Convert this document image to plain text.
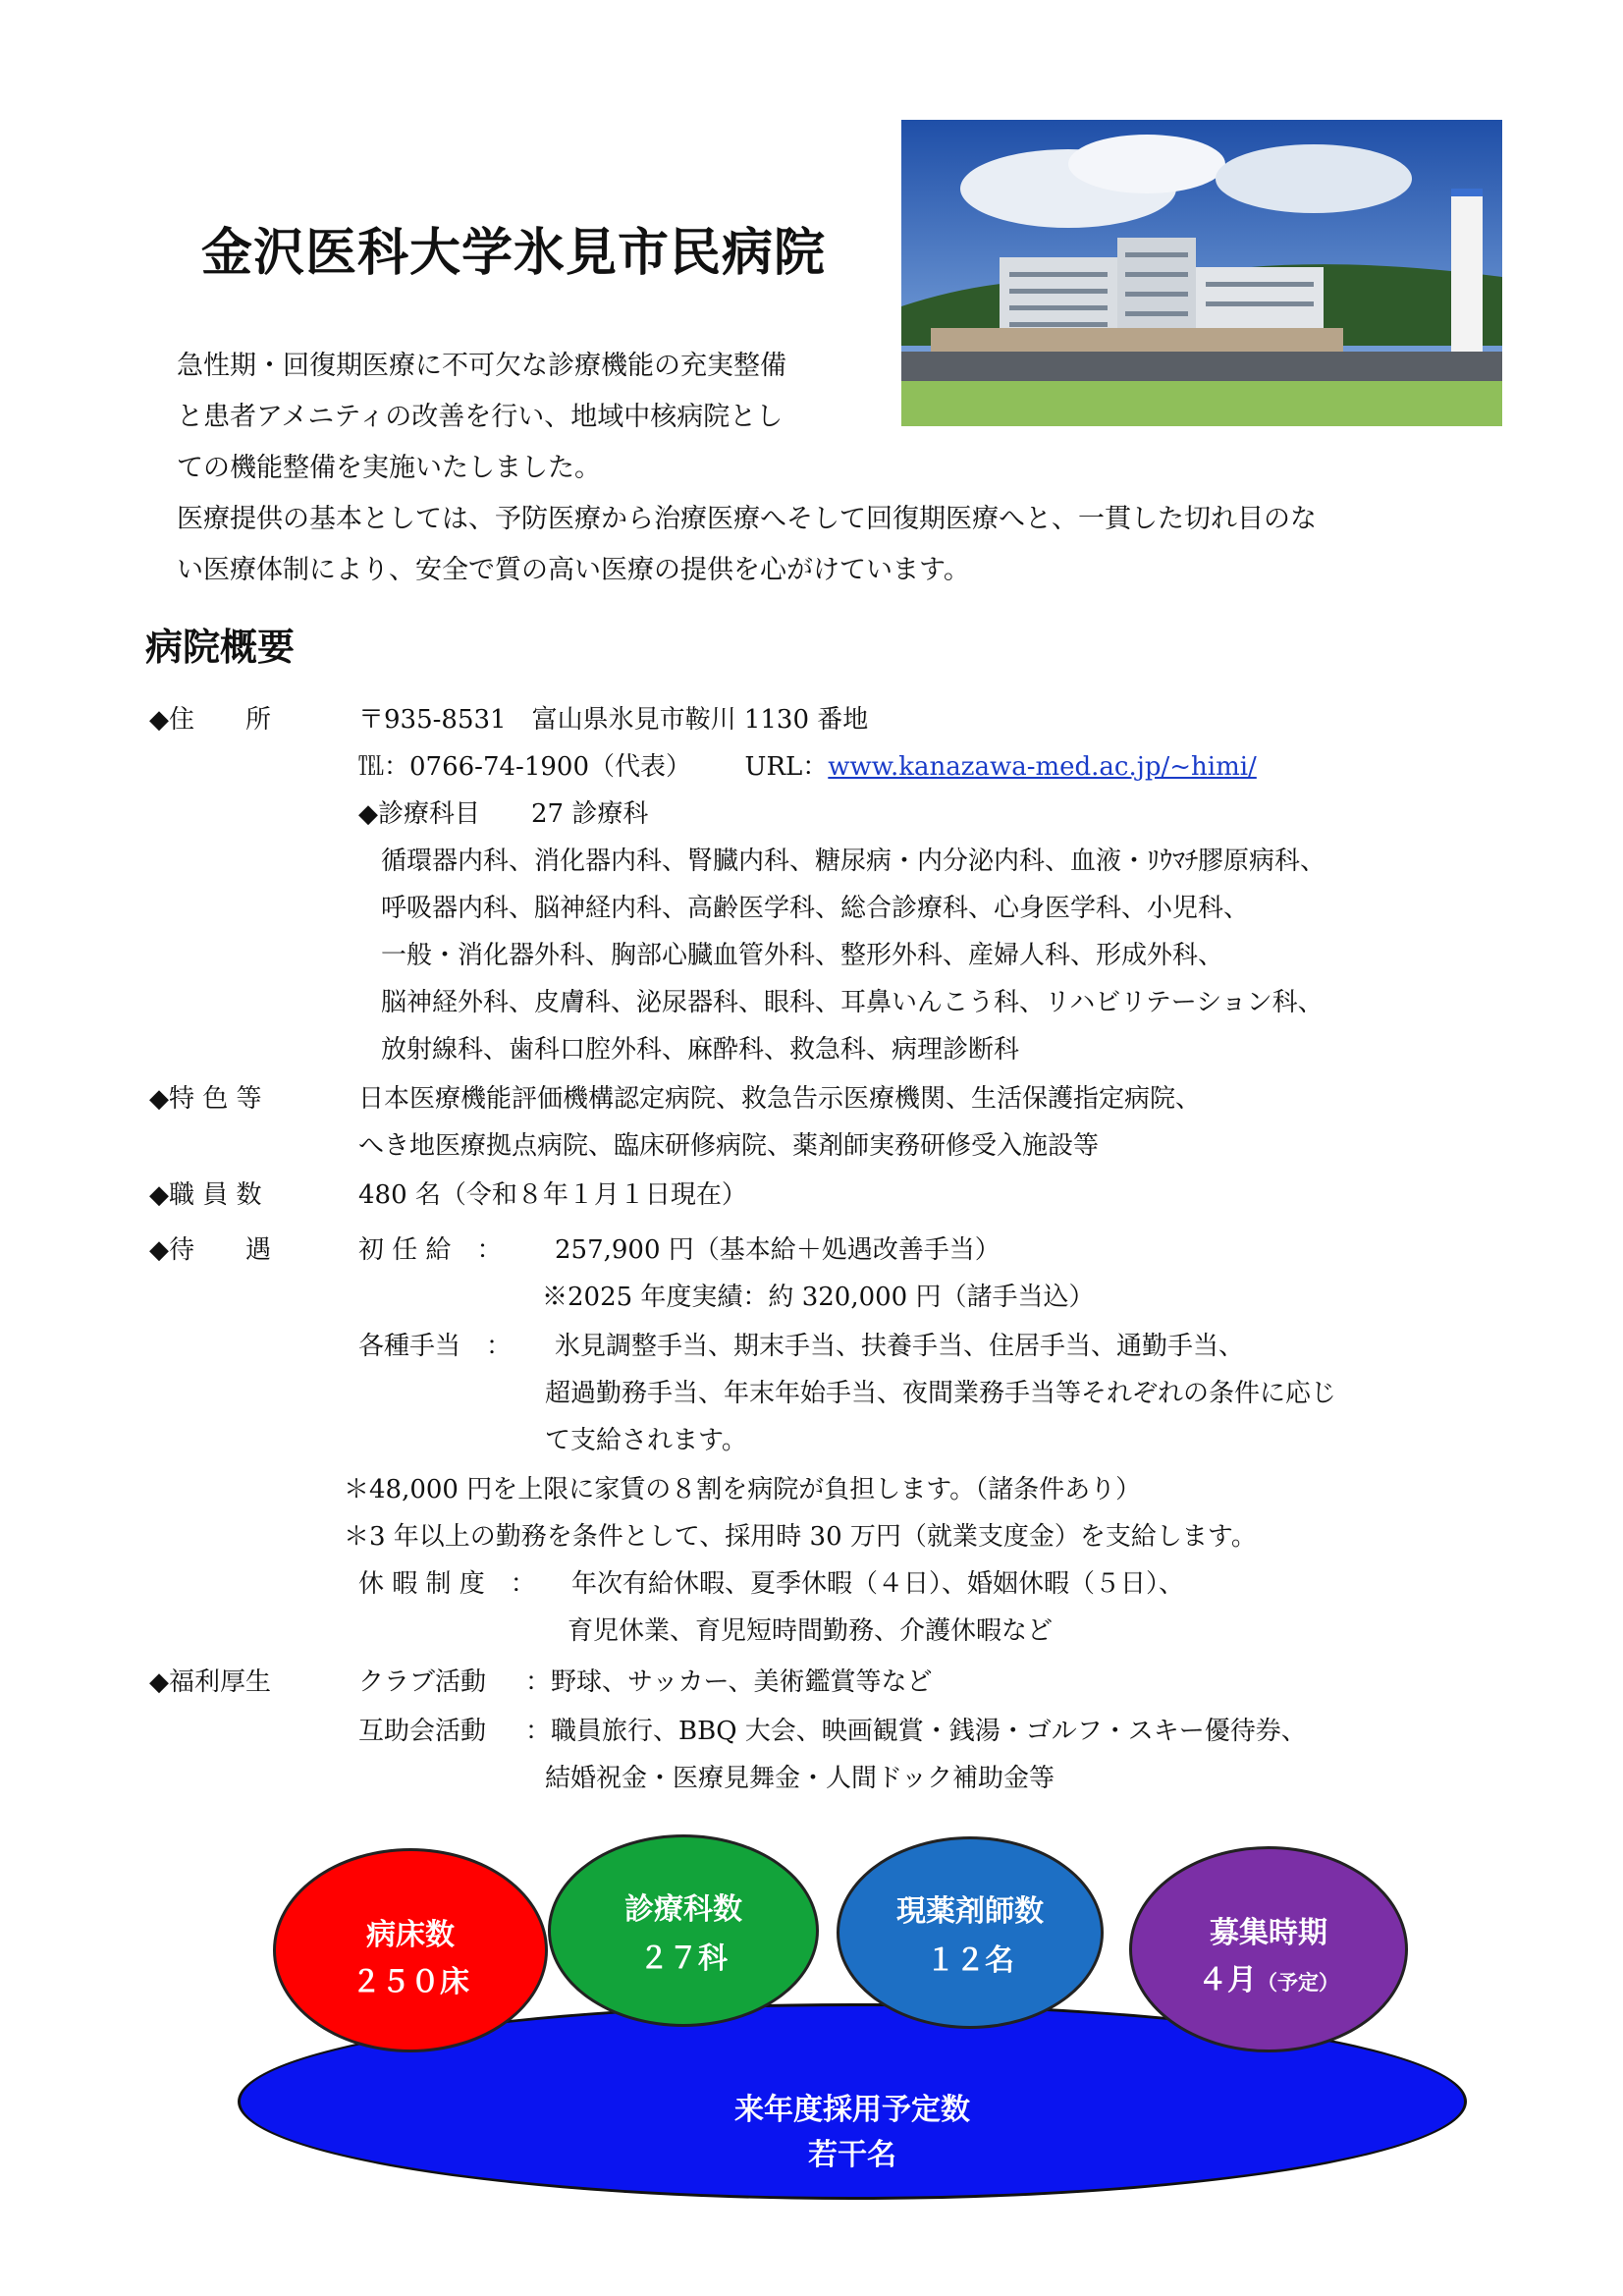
金沢医科大学氷見市民病院
急性期・回復期医療に不可欠な診療機能の充実整備
と患者アメニティの改善を行い、地域中核病院とし
ての機能整備を実施いたしました。
医療提供の基本としては、予防医療から治療医療へそして回復期医療へと、一貫した切れ目のな
い医療体制により、安全で質の高い医療の提供を心がけています。
病院概要
◆住　　所	〒935-8531　富山県氷見市鞍川 1130 番地
℡：0766-74-1900（代表） URL：www.kanazawa-med.ac.jp/~himi/
◆診療科目　　27 診療科
循環器内科、消化器内科、腎臓内科、糖尿病・内分泌内科、血液・ﾘｳﾏﾁ膠原病科、
呼吸器内科、脳神経内科、高齢医学科、総合診療科、心身医学科、小児科、
一般・消化器外科、胸部心臓血管外科、整形外科、産婦人科、形成外科、
脳神経外科、皮膚科、泌尿器科、眼科、耳鼻いんこう科、リハビリテーション科、
放射線科、歯科口腔外科、麻酔科、救急科、病理診断科
◆特 色 等	日本医療機能評価機構認定病院、救急告示医療機関、生活保護指定病院、
へき地医療拠点病院、臨床研修病院、薬剤師実務研修受入施設等
◆職 員 数	480 名（令和８年１月１日現在）
◆待　　遇	初 任 給　： 257,900 円（基本給＋処遇改善手当）
※2025 年度実績：約 320,000 円（諸手当込）
各種手当　： 氷見調整手当、期末手当、扶養手当、住居手当、通勤手当、
超過勤務手当、年末年始手当、夜間業務手当等それぞれの条件に応じ
て支給されます。
＊48,000 円を上限に家賃の８割を病院が負担します。（諸条件あり）
＊3 年以上の勤務を条件として、採用時 30 万円（就業支度金）を支給します。
休 暇 制 度　： 年次有給休暇、夏季休暇（４日）、婚姻休暇（５日）、
育児休業、育児短時間勤務、介護休暇など
◆福利厚生	クラブ活動 ：野球、サッカー、美術鑑賞等など
互助会活動 ：職員旅行、BBQ 大会、映画観賞・銭湯・ゴルフ・スキー優待券、
結婚祝金・医療見舞金・人間ドック補助金等
来年度採用予定数
若干名
病床数
２５０床
診療科数
２７科
現薬剤師数
１２名
募集時期
４月（予定）
